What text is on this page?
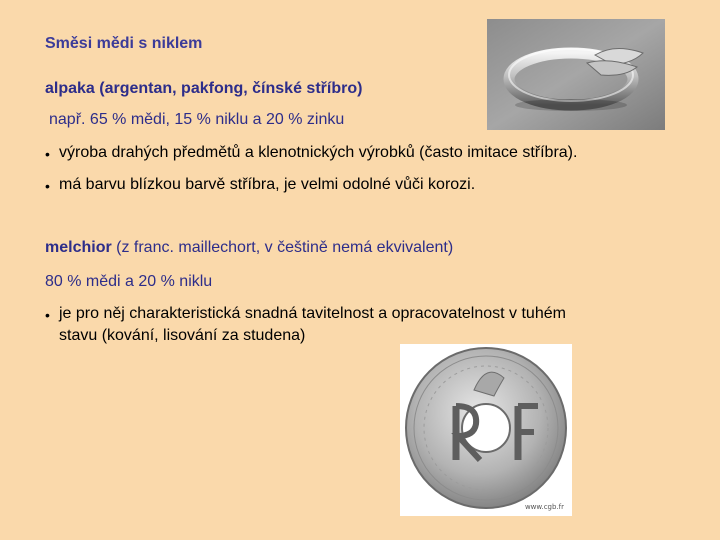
Směsi mědi s niklem
alpaka (argentan, pakfong, čínské stříbro)
např. 65 % mědi, 15 % niklu a 20 % zinku
• výroba drahých předmětů a klenotnických výrobků (často imitace stříbra).
• má barvu blízkou barvě stříbra, je velmi odolné vůči korozi.
melchior (z franc. maillechort, v češtině nemá ekvivalent)
80 % mědi a 20 % niklu
• je pro něj charakteristická snadná tavitelnost a opracovatelnost v tuhém
stavu (kování, lisování za studena)
www.cgb.fr
